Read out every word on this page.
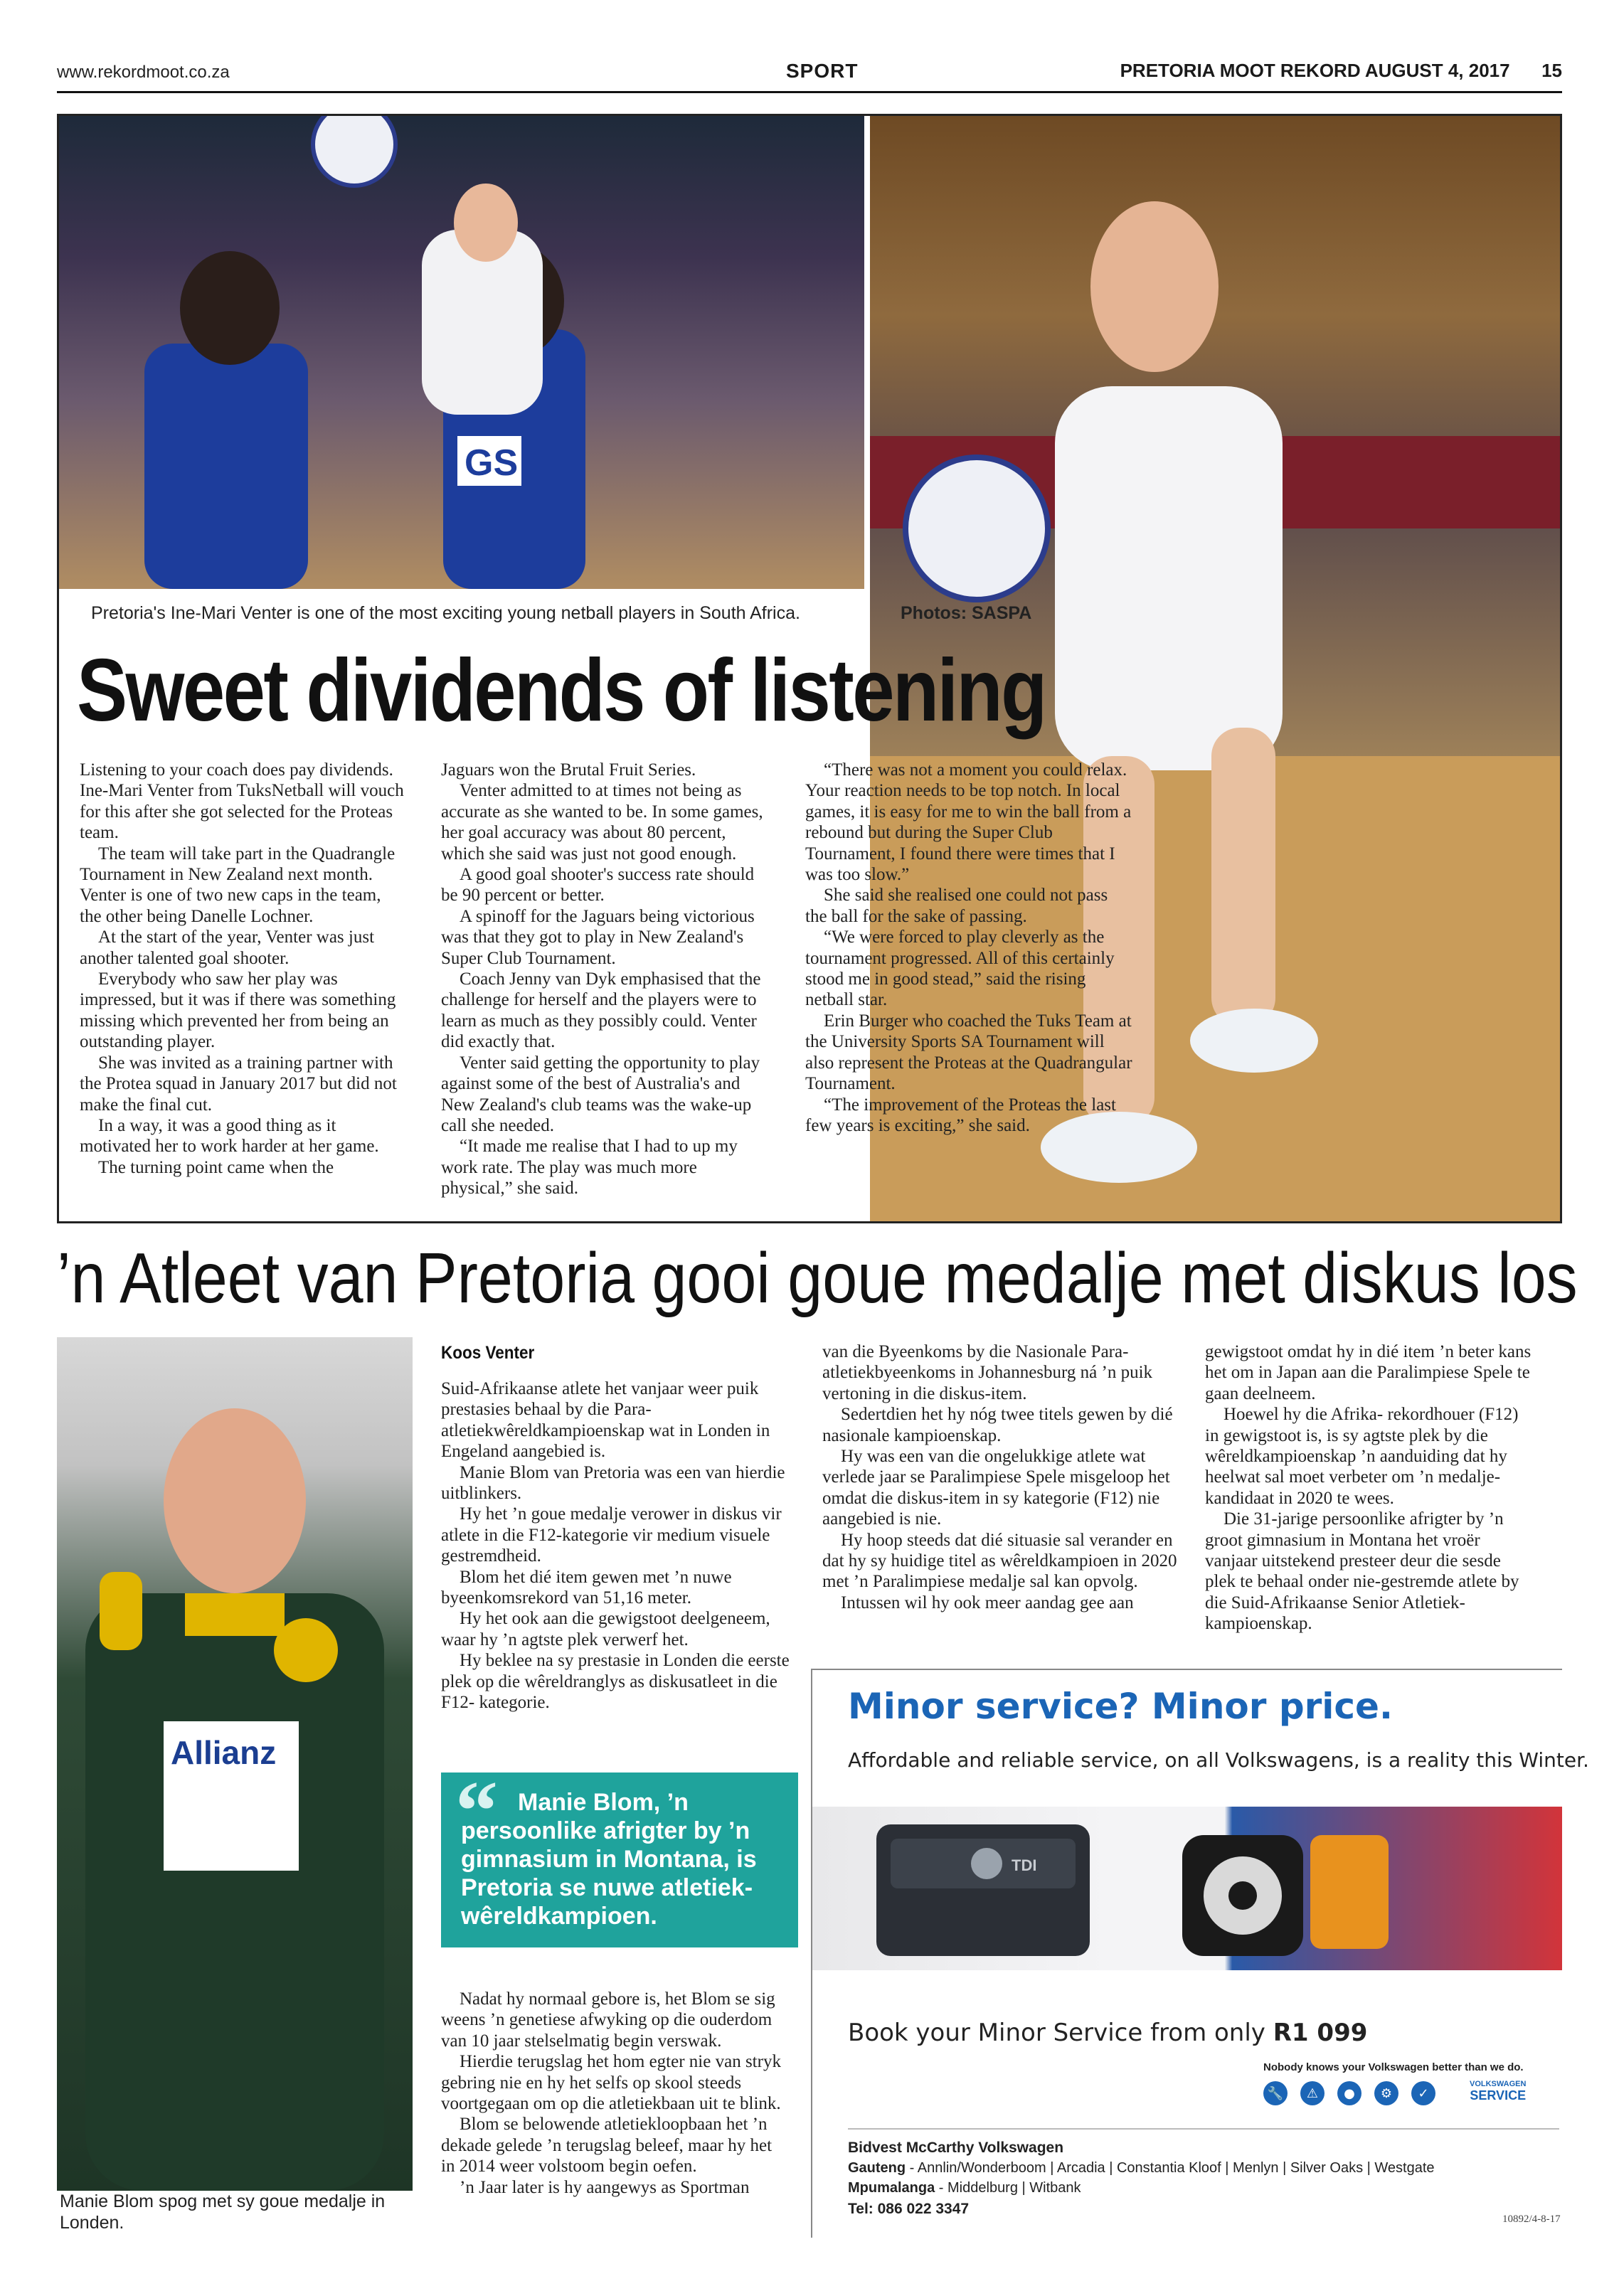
www.rekordmoot.co.za	SPORT	PRETORIA MOOT REKORD AUGUST 4, 2017 15
GS
Pretoria's Ine-Mari Venter is one of the most exciting young netball players in South Africa.	Photos: SASPA
Sweet dividends of listening

Listening to your coach does pay dividends. Ine-Mari Venter from TuksNetball will vouch for this after she got selected for the Proteas team.

The team will take part in the Quadrangle Tournament in New Zealand next month. Venter is one of two new caps in the team, the other being Danelle Lochner.

At the start of the year, Venter was just another talented goal shooter.

Everybody who saw her play was impressed, but it was if there was something missing which prevented her from being an outstanding player.

She was invited as a training partner with the Protea squad in January 2017 but did not make the final cut.

In a way, it was a good thing as it motivated her to work harder at her game.

The turning point came when the

Jaguars won the Brutal Fruit Series.

Venter admitted to at times not being as accurate as she wanted to be. In some games, her goal accuracy was about 80 percent, which she said was just not good enough.

A good goal shooter's success rate should be 90 percent or better.

A spinoff for the Jaguars being victorious was that they got to play in New Zealand's Super Club Tournament.

Coach Jenny van Dyk emphasised that the challenge for herself and the players were to learn as much as they possibly could. Venter did exactly that.

Venter said getting the opportunity to play against some of the best of Australia's and New Zealand's club teams was the wake-up call she needed.

“It made me realise that I had to up my work rate. The play was much more physical,” she said.

“There was not a moment you could relax. Your reaction needs to be top notch. In local games, it is easy for me to win the ball from a rebound but during the Super Club Tournament, I found there were times that I was too slow.”

She said she realised one could not pass the ball for the sake of passing.

“We were forced to play cleverly as the tournament progressed. All of this certainly stood me in good stead,” said the rising netball star.

Erin Burger who coached the Tuks Team at the University Sports SA Tournament will also represent the Proteas at the Quadrangular Tournament.

“The improvement of the Proteas the last few years is exciting,” she said.

’n Atleet van Pretoria gooi goue medalje met diskus los
Allianz
Manie Blom spog met sy goue medalje in Londen.
Koos Venter

Suid-Afrikaanse atlete het vanjaar weer puik prestasies behaal by die Para-atletiekwêreldkampioenskap wat in Londen in Engeland aangebied is.

Manie Blom van Pretoria was een van hierdie uitblinkers.

Hy het ’n goue medalje verower in diskus vir atlete in die F12-kategorie vir medium visuele gestremdheid.

Blom het dié item gewen met ’n nuwe byeenkomsrekord van 51,16 meter.

Hy het ook aan die gewigstoot deelgeneem, waar hy ’n agtste plek verwerf het.

Hy beklee na sy prestasie in Londen die eerste plek op die wêreldranglys as diskusatleet in die F12- kategorie.

“ Manie Blom, ’n persoonlike afrigter by ’n gimnasium in Montana, is Pretoria se nuwe atletiek-wêreldkampioen.

Nadat hy normaal gebore is, het Blom se sig weens ’n genetiese afwyking op die ouderdom van 10 jaar stelselmatig begin verswak.

Hierdie terugslag het hom egter nie van stryk gebring nie en hy het selfs op skool steeds voortgegaan om op die atletiekbaan uit te blink.

Blom se belowende atletiekloopbaan het ’n dekade gelede ’n terugslag beleef, maar hy het in 2014 weer volstoom begin oefen.

’n Jaar later is hy aangewys as Sportman

van die Byeenkoms by die Nasionale Para-atletiekbyeenkoms in Johannesburg ná ’n puik vertoning in die diskus-item.

Sedertdien het hy nóg twee titels gewen by dié nasionale kampioenskap.

Hy was een van die ongelukkige atlete wat verlede jaar se Paralimpiese Spele misgeloop het omdat die diskus-item in sy kategorie (F12) nie aangebied is nie.

Hy hoop steeds dat dié situasie sal verander en dat hy sy huidige titel as wêreldkampioen in 2020 met ’n Paralimpiese medalje sal kan opvolg.

Intussen wil hy ook meer aandag gee aan

gewigstoot omdat hy in dié item ’n beter kans het om in Japan aan die Paralimpiese Spele te gaan deelneem.

Hoewel hy die Afrika- rekordhouer (F12) in gewigstoot is, is sy agtste plek by die wêreldkampioenskap ’n aanduiding dat hy heelwat sal moet verbeter om ’n medalje-kandidaat in 2020 te wees.

Die 31-jarige persoonlike afrigter by ’n groot gimnasium in Montana het vroër vanjaar uitstekend presteer deur die sesde plek te behaal onder nie-gestremde atlete by die Suid-Afrikaanse Senior Atletiek-kampioenskap.

Minor service? Minor price.
Affordable and reliable service, on all Volkswagens, is a reality this Winter.
TDI
Book your Minor Service from only R1 099
Nobody knows your Volkswagen better than we do.
🔧	⚠	●	⚙	✓
VOLKSWAGEN
SERVICE
Bidvest McCarthy Volkswagen
Gauteng - Annlin/Wonderboom | Arcadia | Constantia Kloof | Menlyn | Silver Oaks | Westgate
Mpumalanga - Middelburg | Witbank
Tel: 086 022 3347
10892/4-8-17
